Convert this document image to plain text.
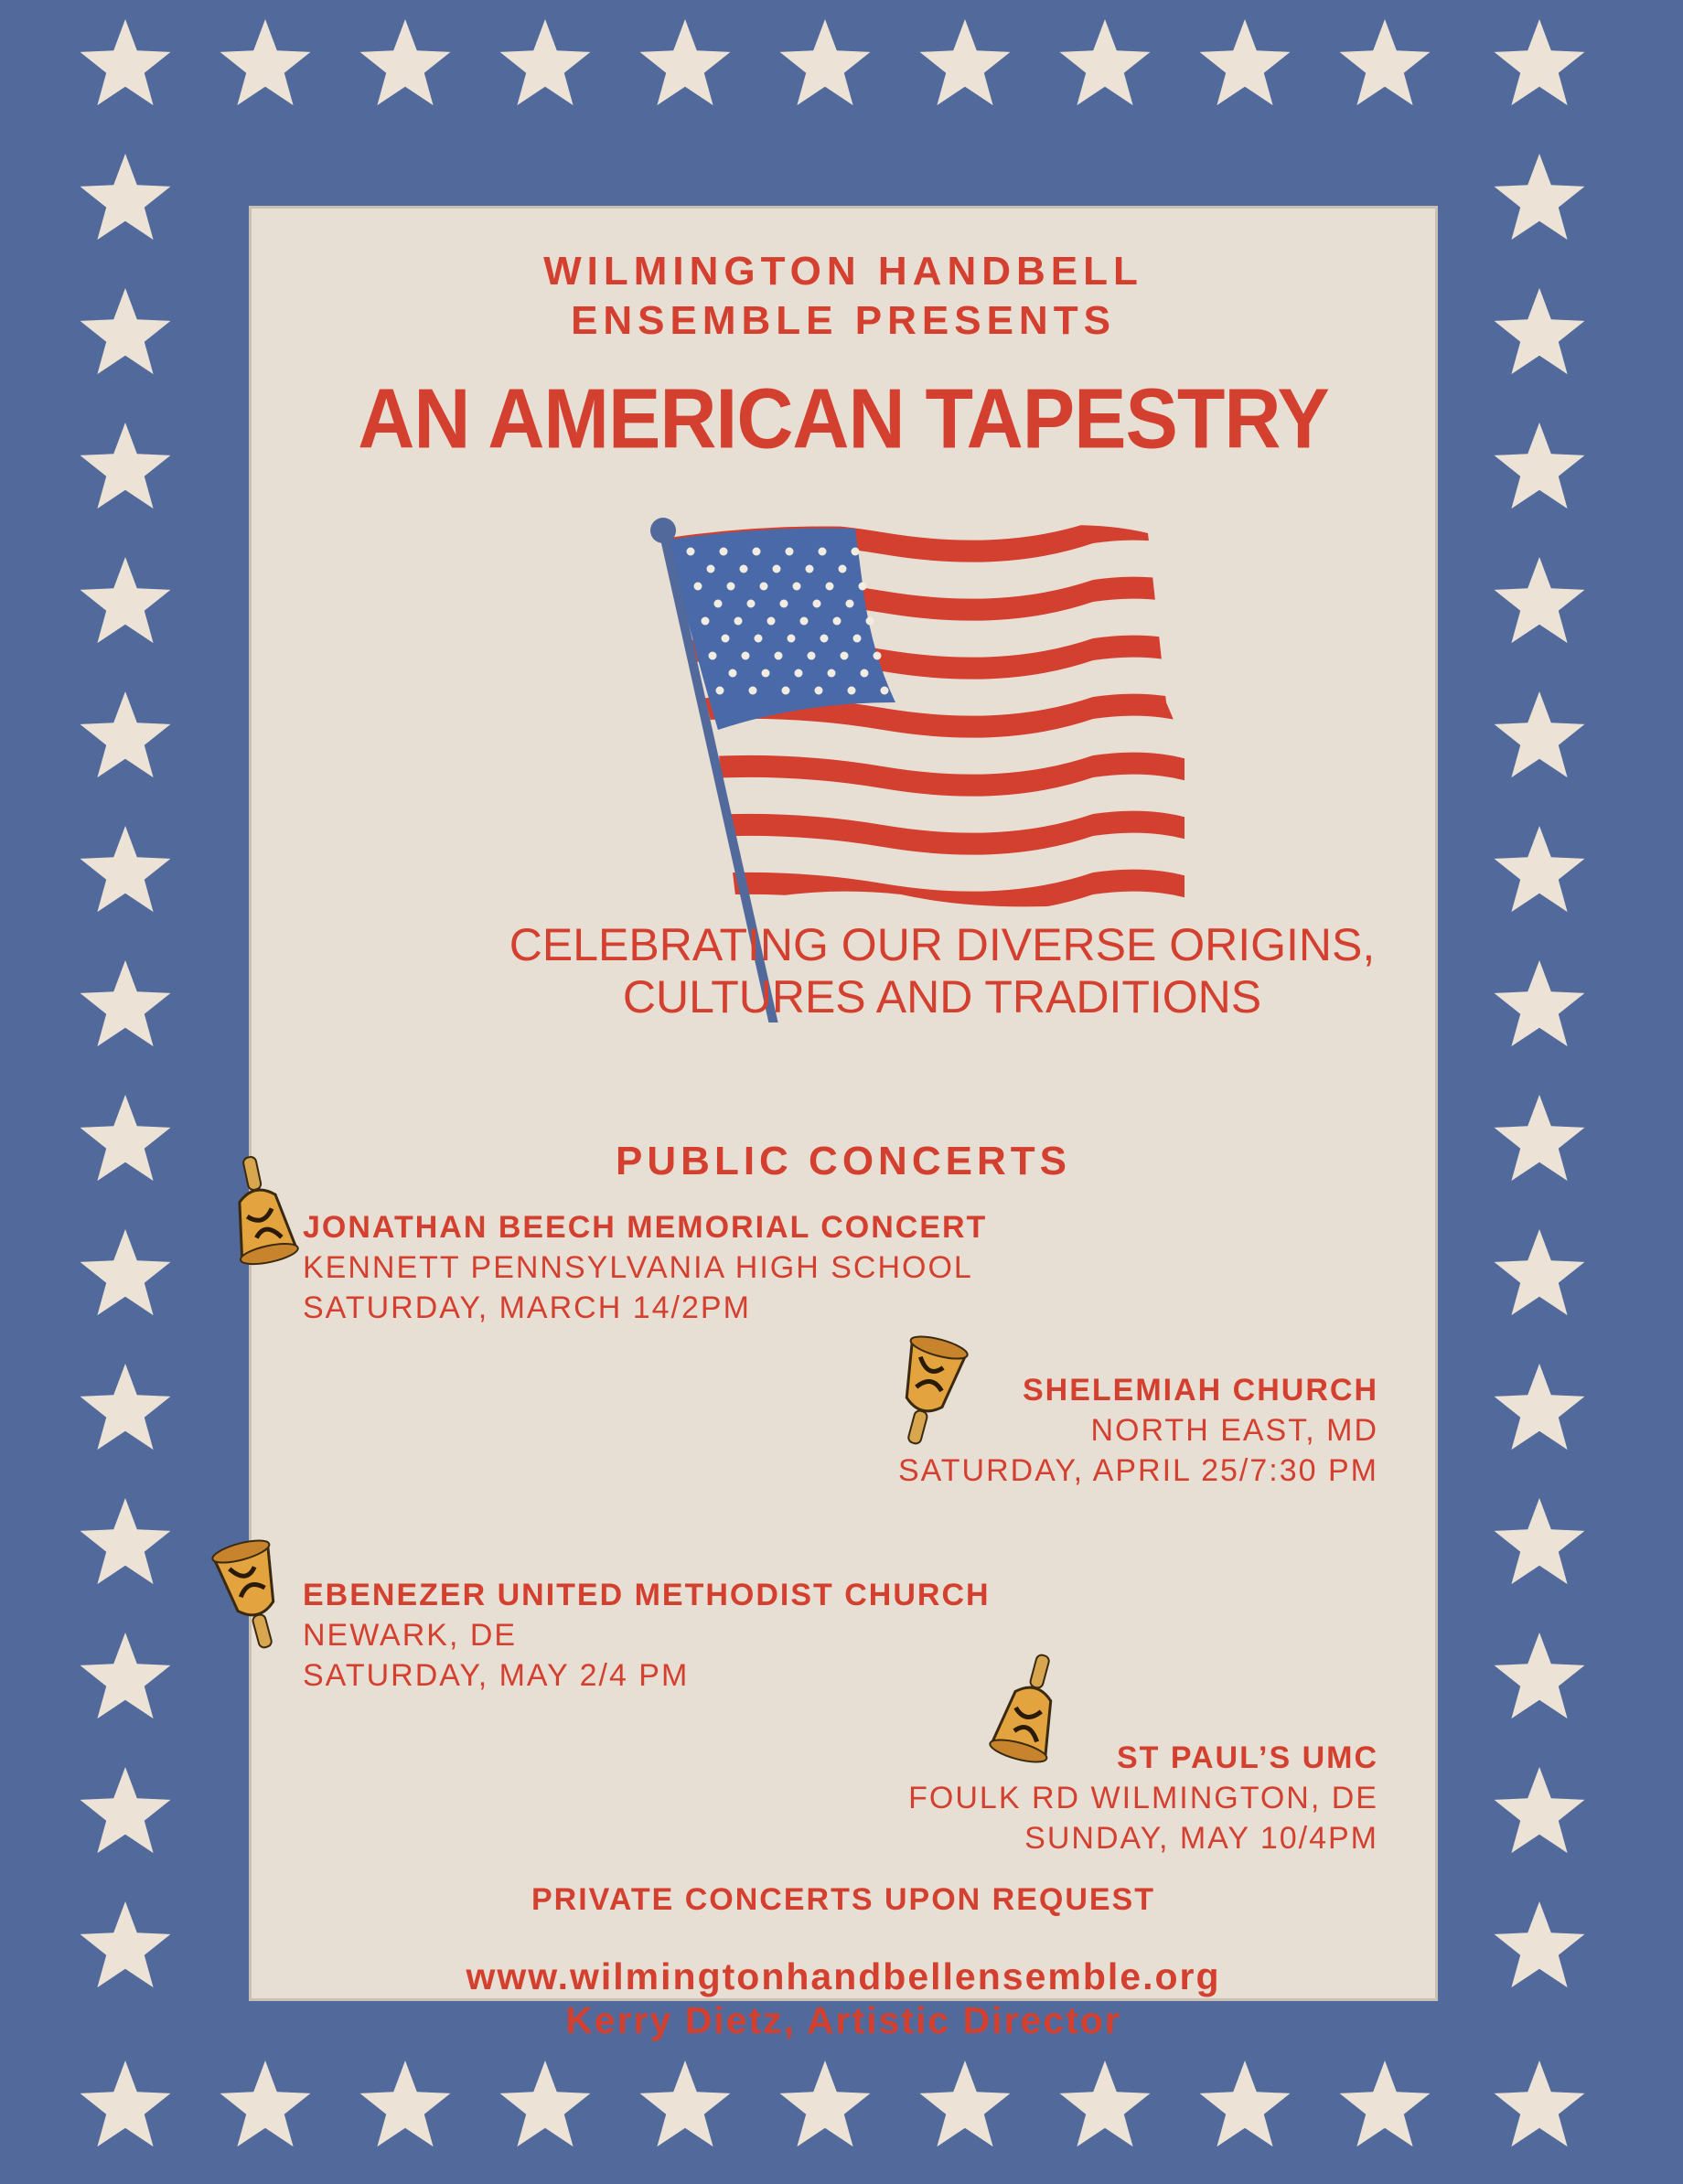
WILMINGTON HANDBELL
ENSEMBLE PRESENTS
AN AMERICAN TAPESTRY
CELEBRATING OUR DIVERSE ORIGINS,
CULTURES AND TRADITIONS
PUBLIC CONCERTS
JONATHAN BEECH MEMORIAL CONCERT
KENNETT PENNSYLVANIA HIGH SCHOOL
SATURDAY, MARCH 14/2PM
SHELEMIAH CHURCH
NORTH EAST, MD
SATURDAY, APRIL 25/7:30 PM
EBENEZER UNITED METHODIST CHURCH
NEWARK, DE
SATURDAY, MAY 2/4 PM
ST PAUL’S UMC
FOULK RD WILMINGTON, DE
SUNDAY, MAY 10/4PM
PRIVATE CONCERTS UPON REQUEST
www.wilmingtonhandbellensemble.org
Kerry Dietz, Artistic Director
